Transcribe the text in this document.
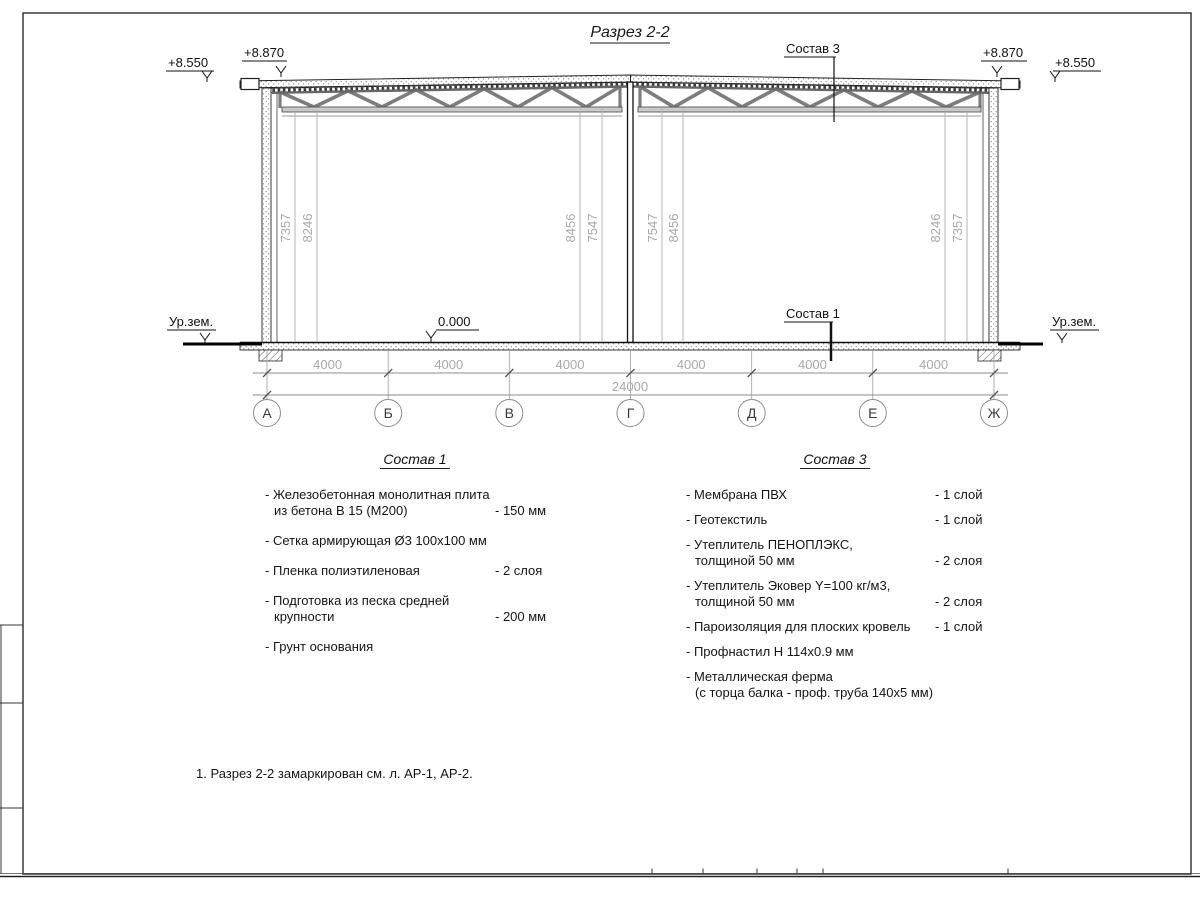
Разрез 2-2
7357 8246	8456 7547	7547 8456	8246 7357
+8.550
+8.870	+8.870
+8.550
Ур.зем.	Ур.зем.
0.000
Состав 3
Состав 1
4000	4000	4000	4000	4000	4000
24000
А	Б	В	Г	Д	Е	Ж
Состав 1
- Железобетонная монолитная плита
из бетона В 15 (М200)	- 150 мм
- Сетка армирующая Ø3 100х100 мм
- Пленка полиэтиленовая	- 2 слоя
- Подготовка из песка средней
крупности	- 200 мм
- Грунт основания
Состав 3
- Мембрана ПВХ	- 1 слой
- Геотекстиль	- 1 слой
- Утеплитель ПЕНОПЛЭКС,
толщиной 50 мм	- 2 слоя
- Утеплитель Эковер Y=100 кг/м3,
толщиной 50 мм	- 2 слоя
- Пароизоляция для плоских кровель	- 1 слой
- Профнастил Н 114х0.9 мм
- Металлическая ферма
(с торца балка - проф. труба 140х5 мм)
1. Разрез 2-2 замаркирован см. л. АР-1, АР-2.
